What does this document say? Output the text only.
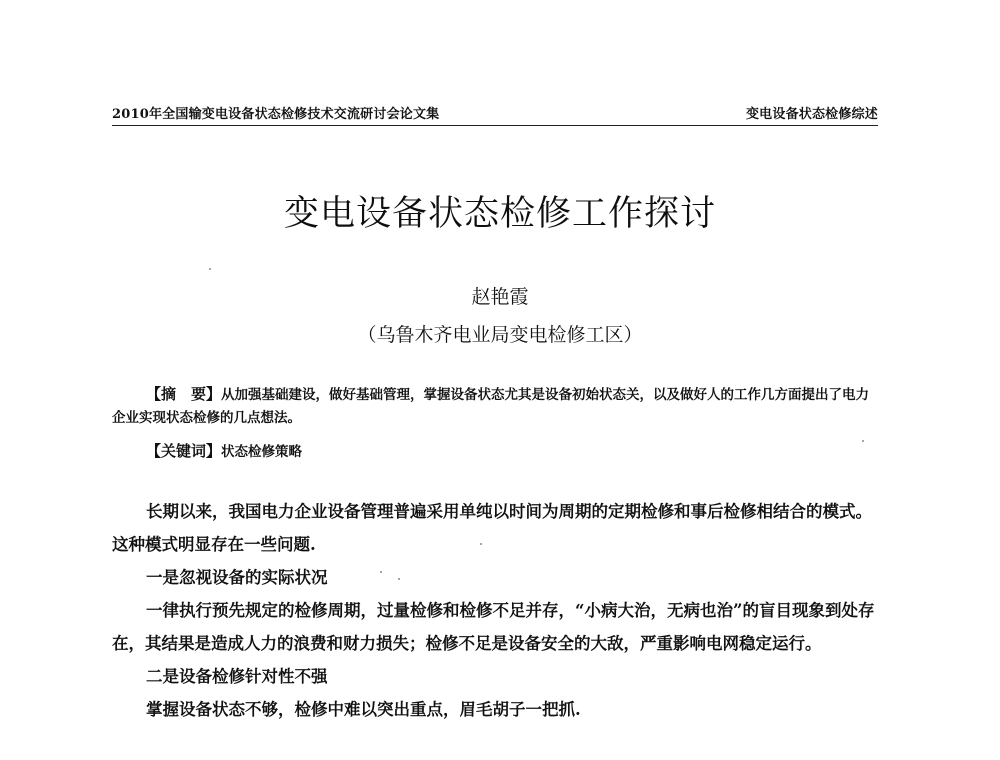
2010年全国输变电设备状态检修技术交流研讨会论文集	变电设备状态检修综述
变电设备状态检修工作探讨
赵艳霞
（乌鲁木齐电业局变电检修工区）
【摘　要】从加强基础建设，做好基础管理，掌握设备状态尤其是设备初始状态关，以及做好人的工作几方面提出了电力企业实现状态检修的几点想法。
【关键词】状态检修策略

长期以来，我国电力企业设备管理普遍采用单纯以时间为周期的定期检修和事后检修相结合的模式。这种模式明显存在一些问题.

一是忽视设备的实际状况

一律执行预先规定的检修周期，过量检修和检修不足并存，“小病大治，无病也治”的盲目现象到处存在，其结果是造成人力的浪费和财力损失；检修不足是设备安全的大敌，严重影响电网稳定运行。

二是设备检修针对性不强

掌握设备状态不够，检修中难以突出重点，眉毛胡子一把抓.
